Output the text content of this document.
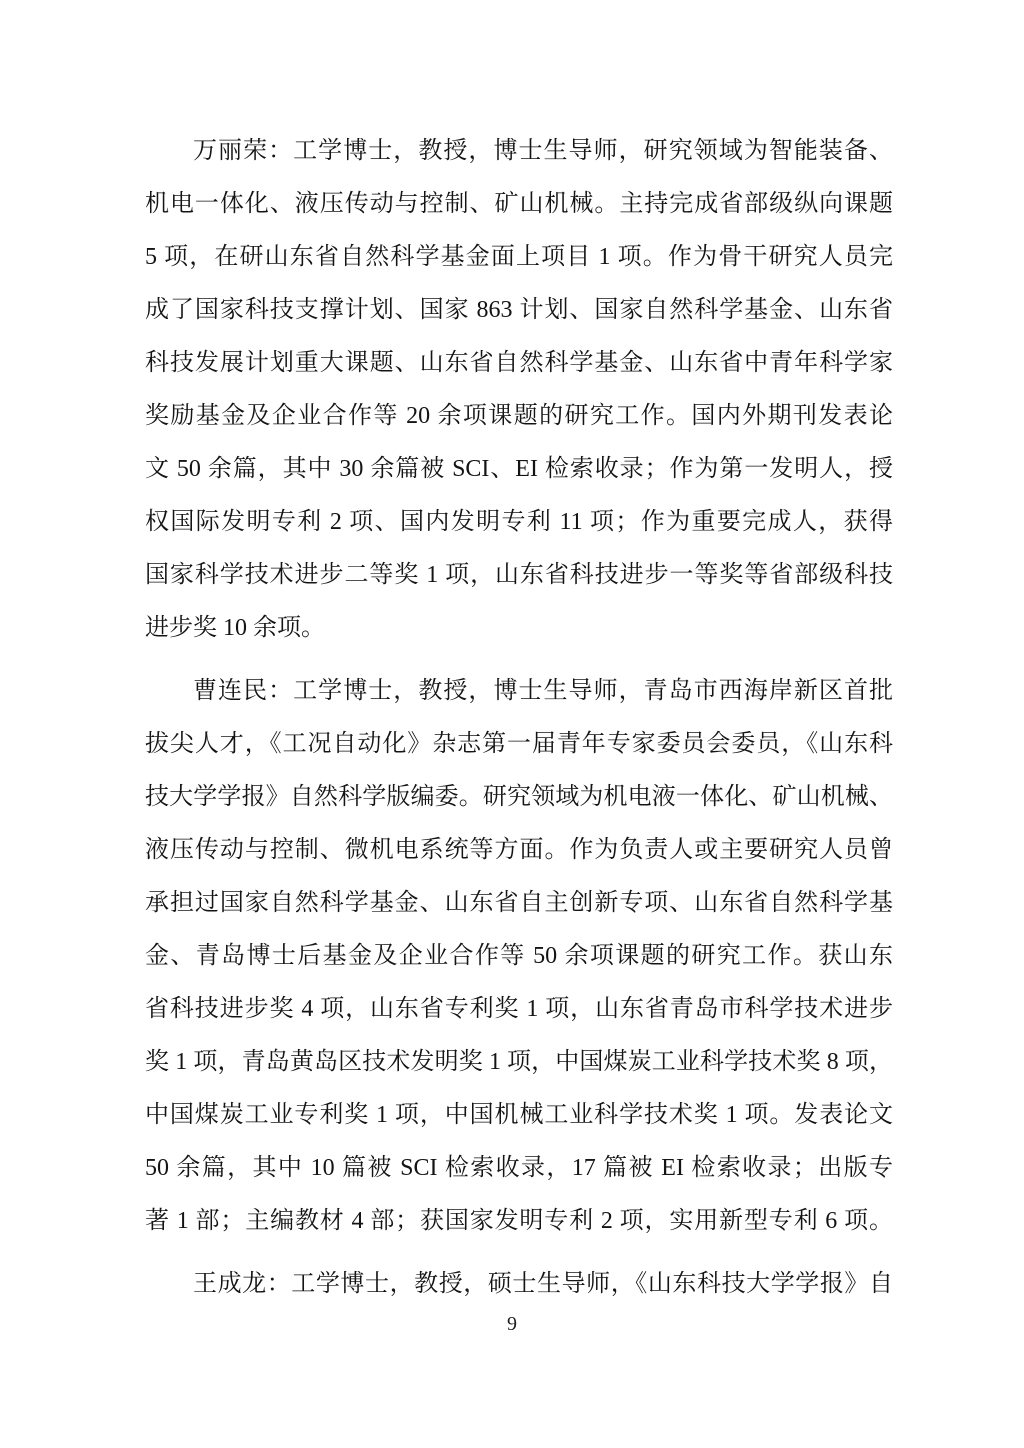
万丽荣：工学博士，教授，博士生导师，研究领域为智能装备、
机电一体化、液压传动与控制、矿山机械。主持完成省部级纵向课题
5 项，在研山东省自然科学基金面上项目 1 项。作为骨干研究人员完
成了国家科技支撑计划、国家 863 计划、国家自然科学基金、山东省
科技发展计划重大课题、山东省自然科学基金、山东省中青年科学家
奖励基金及企业合作等 20 余项课题的研究工作。国内外期刊发表论
文 50 余篇，其中 30 余篇被 SCI、EI 检索收录；作为第一发明人，授
权国际发明专利 2 项、国内发明专利 11 项；作为重要完成人，获得
国家科学技术进步二等奖 1 项，山东省科技进步一等奖等省部级科技
进步奖 10 余项。
曹连民：工学博士，教授，博士生导师，青岛市西海岸新区首批
拔尖人才，《工况自动化》杂志第一届青年专家委员会委员，《山东科
技大学学报》自然科学版编委。研究领域为机电液一体化、矿山机械、
液压传动与控制、微机电系统等方面。作为负责人或主要研究人员曾
承担过国家自然科学基金、山东省自主创新专项、山东省自然科学基
金、青岛博士后基金及企业合作等 50 余项课题的研究工作。获山东
省科技进步奖 4 项，山东省专利奖 1 项，山东省青岛市科学技术进步
奖 1 项，青岛黄岛区技术发明奖 1 项，中国煤炭工业科学技术奖 8 项，
中国煤炭工业专利奖 1 项，中国机械工业科学技术奖 1 项。发表论文
50 余篇，其中 10 篇被 SCI 检索收录，17 篇被 EI 检索收录；出版专
著 1 部；主编教材 4 部；获国家发明专利 2 项，实用新型专利 6 项。
王成龙：工学博士，教授，硕士生导师，《山东科技大学学报》自
9
